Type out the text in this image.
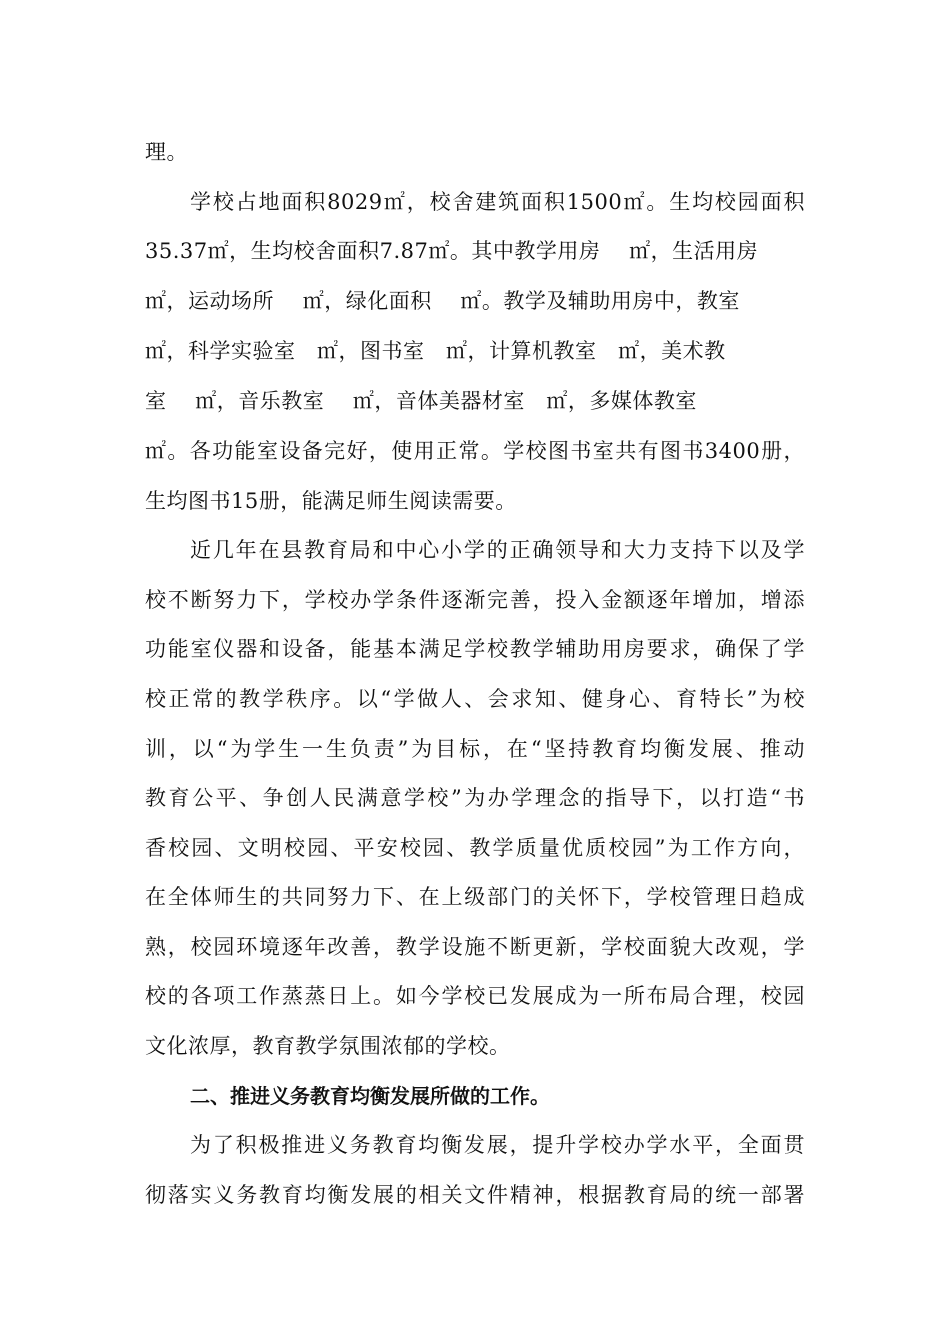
理。
学校占地面积8029㎡，校舍建筑面积1500㎡。生均校园面积
35.37㎡，生均校舍面积7.87㎡。其中教学用房    ㎡，生活用房
㎡，运动场所    ㎡，绿化面积    ㎡。教学及辅助用房中，教室
㎡，科学实验室   ㎡，图书室   ㎡，计算机教室   ㎡，美术教
室    ㎡，音乐教室    ㎡，音体美器材室   ㎡，多媒体教室
㎡。各功能室设备完好，使用正常。学校图书室共有图书3400册，
生均图书15册，能满足师生阅读需要。
近几年在县教育局和中心小学的正确领导和大力支持下以及学
校不断努力下，学校办学条件逐渐完善，投入金额逐年增加，增添
功能室仪器和设备，能基本满足学校教学辅助用房要求，确保了学
校正常的教学秩序。以“学做人、会求知、健身心、育特长”为校
训，以“为学生一生负责”为目标，在“坚持教育均衡发展、推动
教育公平、争创人民满意学校”为办学理念的指导下，以打造“书
香校园、文明校园、平安校园、教学质量优质校园”为工作方向，
在全体师生的共同努力下、在上级部门的关怀下，学校管理日趋成
熟，校园环境逐年改善，教学设施不断更新，学校面貌大改观，学
校的各项工作蒸蒸日上。如今学校已发展成为一所布局合理，校园
文化浓厚，教育教学氛围浓郁的学校。
二、推进义务教育均衡发展所做的工作。
为了积极推进义务教育均衡发展，提升学校办学水平，全面贯
彻落实义务教育均衡发展的相关文件精神，根据教育局的统一部署
